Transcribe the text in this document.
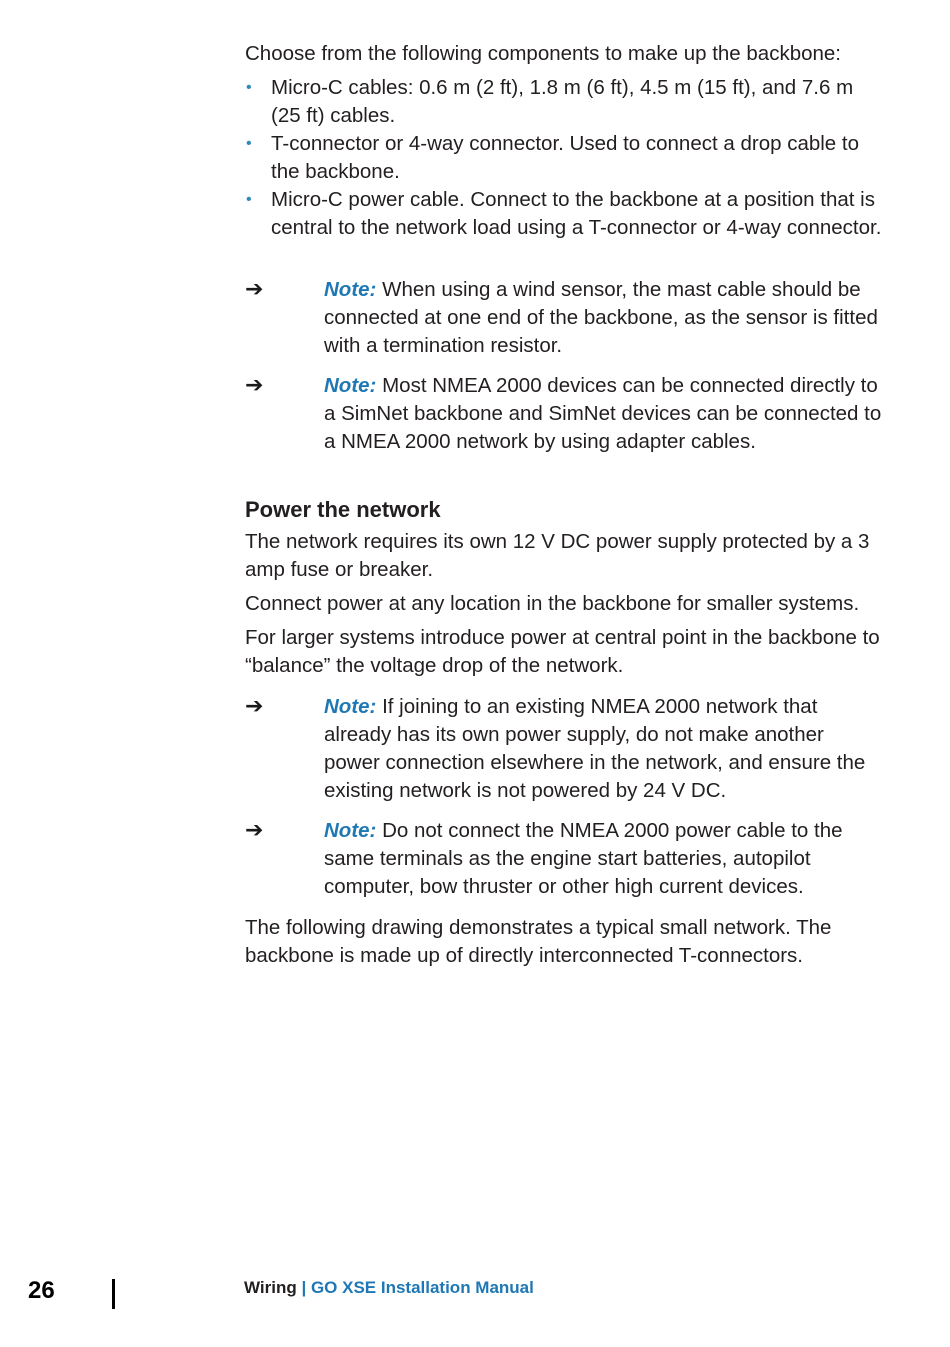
Choose from the following components to make up the backbone:

• Micro-C cables: 0.6 m (2 ft), 1.8 m (6 ft), 4.5 m (15 ft), and 7.6 m (25 ft) cables.
• T-connector or 4-way connector. Used to connect a drop cable to the backbone.
• Micro-C power cable. Connect to the backbone at a position that is central to the network load using a T-connector or 4-way connector.
➔	Note: When using a wind sensor, the mast cable should be connected at one end of the backbone, as the sensor is fitted with a termination resistor.
➔	Note: Most NMEA 2000 devices can be connected directly to a SimNet backbone and SimNet devices can be connected to a NMEA 2000 network by using adapter cables.
Power the network

The network requires its own 12 V DC power supply protected by a 3 amp fuse or breaker.

Connect power at any location in the backbone for smaller systems.

For larger systems introduce power at central point in the backbone to “balance” the voltage drop of the network.

➔	Note: If joining to an existing NMEA 2000 network that already has its own power supply, do not make another power connection elsewhere in the network, and ensure the existing network is not powered by 24 V DC.
➔	Note: Do not connect the NMEA 2000 power cable to the same terminals as the engine start batteries, autopilot computer, bow thruster or other high current devices.

The following drawing demonstrates a typical small network. The backbone is made up of directly interconnected T-connectors.

26	Wiring | GO XSE Installation Manual
